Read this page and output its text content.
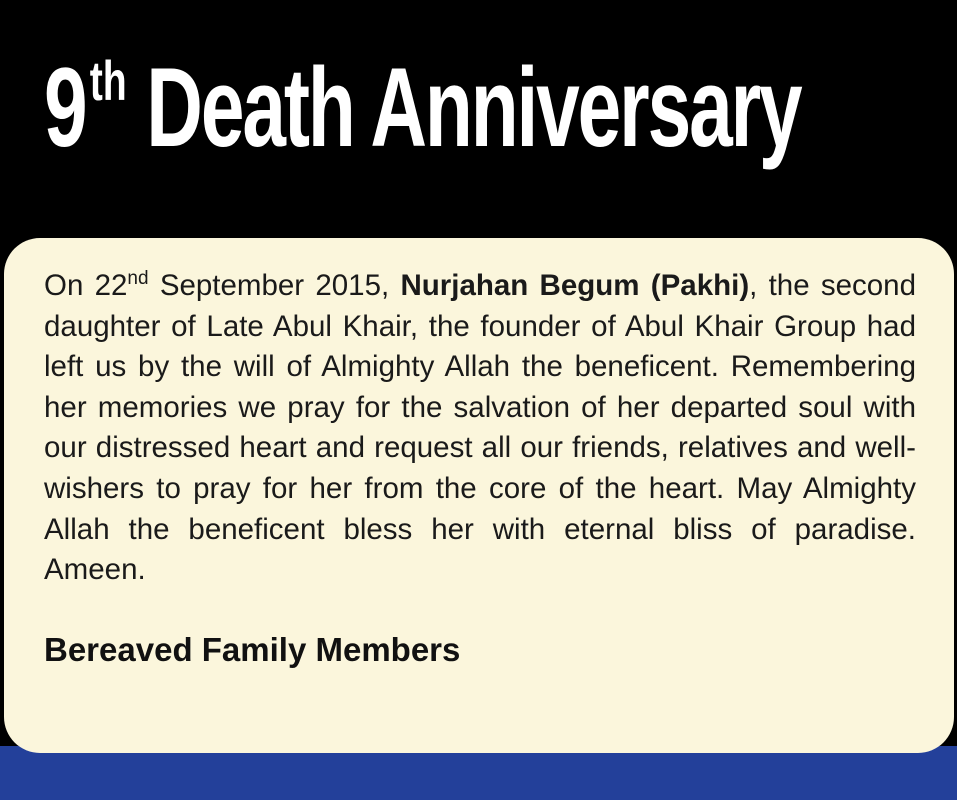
9th Death Anniversary

On 22nd September 2015, Nurjahan Begum (Pakhi), the second daughter of Late Abul Khair, the founder of Abul Khair Group had left us by the will of Almighty Allah the beneficent. Remembering her memories we pray for the salvation of her departed soul with our distressed heart and request all our friends, relatives and well-wishers to pray for her from the core of the heart. May Almighty Allah the beneficent bless her with eternal bliss of paradise. Ameen.

Bereaved Family Members
